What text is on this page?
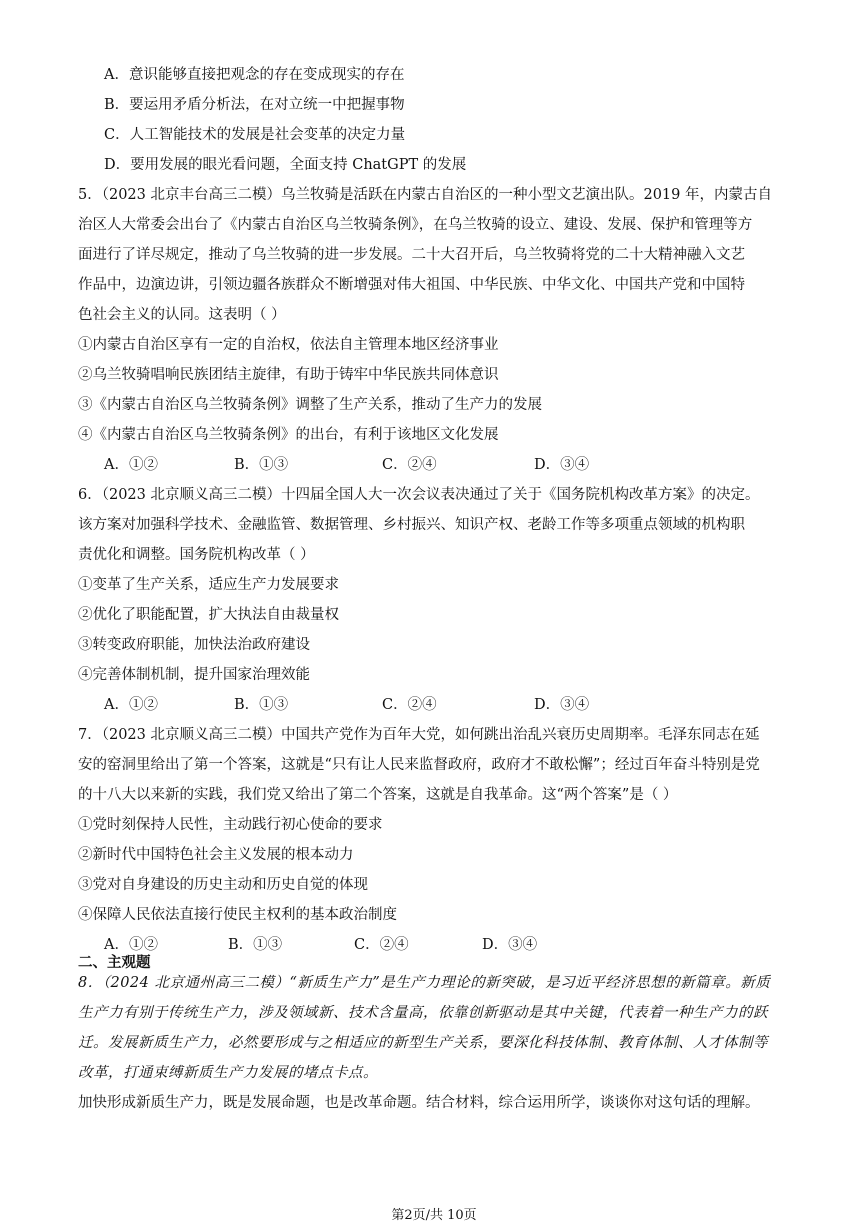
A．意识能够直接把观念的存在变成现实的存在
B．要运用矛盾分析法，在对立统一中把握事物
C．人工智能技术的发展是社会变革的决定力量
D．要用发展的眼光看问题，全面支持 ChatGPT 的发展
5．（2023 北京丰台高三二模）乌兰牧骑是活跃在内蒙古自治区的一种小型文艺演出队。2019 年，内蒙古自
治区人大常委会出台了《内蒙古自治区乌兰牧骑条例》，在乌兰牧骑的设立、建设、发展、保护和管理等方
面进行了详尽规定，推动了乌兰牧骑的进一步发展。二十大召开后，乌兰牧骑将党的二十大精神融入文艺
作品中，边演边讲，引领边疆各族群众不断增强对伟大祖国、中华民族、中华文化、中国共产党和中国特
色社会主义的认同。这表明（ ）
①内蒙古自治区享有一定的自治权，依法自主管理本地区经济事业
②乌兰牧骑唱响民族团结主旋律，有助于铸牢中华民族共同体意识
③《内蒙古自治区乌兰牧骑条例》调整了生产关系，推动了生产力的发展
④《内蒙古自治区乌兰牧骑条例》的出台，有利于该地区文化发展
A．①②	B．①③	C．②④	D．③④
6．（2023 北京顺义高三二模）十四届全国人大一次会议表决通过了关于《国务院机构改革方案》的决定。
该方案对加强科学技术、金融监管、数据管理、乡村振兴、知识产权、老龄工作等多项重点领域的机构职
责优化和调整。国务院机构改革（ ）
①变革了生产关系，适应生产力发展要求
②优化了职能配置，扩大执法自由裁量权
③转变政府职能，加快法治政府建设
④完善体制机制，提升国家治理效能
A．①②	B．①③	C．②④	D．③④
7．（2023 北京顺义高三二模）中国共产党作为百年大党，如何跳出治乱兴衰历史周期率。毛泽东同志在延
安的窑洞里给出了第一个答案，这就是“只有让人民来监督政府，政府才不敢松懈”；经过百年奋斗特别是党
的十八大以来新的实践，我们党又给出了第二个答案，这就是自我革命。这“两个答案”是（ ）
①党时刻保持人民性，主动践行初心使命的要求
②新时代中国特色社会主义发展的根本动力
③党对自身建设的历史主动和历史自觉的体现
④保障人民依法直接行使民主权利的基本政治制度
A．①②	B．①③	C．②④	D．③④
二、主观题
8．（2024 北京通州高三二模）“新质生产力”是生产力理论的新突破，是习近平经济思想的新篇章。新质
生产力有别于传统生产力，涉及领域新、技术含量高，依靠创新驱动是其中关键，代表着一种生产力的跃
迁。发展新质生产力，必然要形成与之相适应的新型生产关系，要深化科技体制、教育体制、人才体制等
改革，打通束缚新质生产力发展的堵点卡点。
加快形成新质生产力，既是发展命题，也是改革命题。结合材料，综合运用所学，谈谈你对这句话的理解。
第2页/共 10页
